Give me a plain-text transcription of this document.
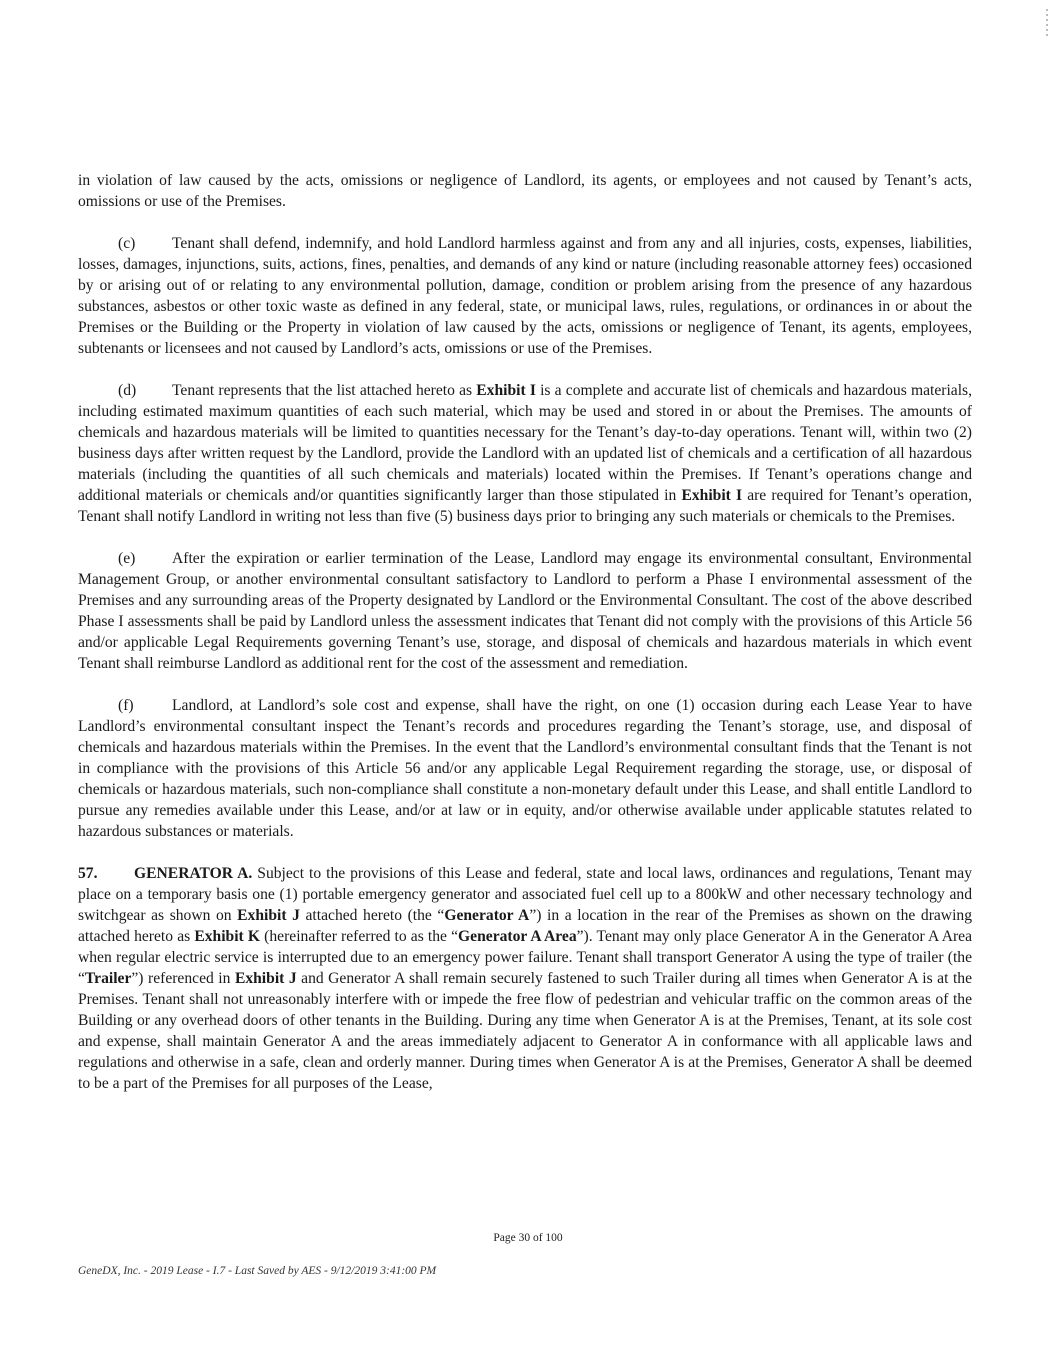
in violation of law caused by the acts, omissions or negligence of Landlord, its agents, or employees and not caused by Tenant’s acts, omissions or use of the Premises.

(c) Tenant shall defend, indemnify, and hold Landlord harmless against and from any and all injuries, costs, expenses, liabilities, losses, damages, injunctions, suits, actions, fines, penalties, and demands of any kind or nature (including reasonable attorney fees) occasioned by or arising out of or relating to any environmental pollution, damage, condition or problem arising from the presence of any hazardous substances, asbestos or other toxic waste as defined in any federal, state, or municipal laws, rules, regulations, or ordinances in or about the Premises or the Building or the Property in violation of law caused by the acts, omissions or negligence of Tenant, its agents, employees, subtenants or licensees and not caused by Landlord’s acts, omissions or use of the Premises.

(d) Tenant represents that the list attached hereto as Exhibit I is a complete and accurate list of chemicals and hazardous materials, including estimated maximum quantities of each such material, which may be used and stored in or about the Premises. The amounts of chemicals and hazardous materials will be limited to quantities necessary for the Tenant’s day-to-day operations. Tenant will, within two (2) business days after written request by the Landlord, provide the Landlord with an updated list of chemicals and a certification of all hazardous materials (including the quantities of all such chemicals and materials) located within the Premises. If Tenant’s operations change and additional materials or chemicals and/or quantities significantly larger than those stipulated in Exhibit I are required for Tenant’s operation, Tenant shall notify Landlord in writing not less than five (5) business days prior to bringing any such materials or chemicals to the Premises.

(e) After the expiration or earlier termination of the Lease, Landlord may engage its environmental consultant, Environmental Management Group, or another environmental consultant satisfactory to Landlord to perform a Phase I environmental assessment of the Premises and any surrounding areas of the Property designated by Landlord or the Environmental Consultant. The cost of the above described Phase I assessments shall be paid by Landlord unless the assessment indicates that Tenant did not comply with the provisions of this Article 56 and/or applicable Legal Requirements governing Tenant’s use, storage, and disposal of chemicals and hazardous materials in which event Tenant shall reimburse Landlord as additional rent for the cost of the assessment and remediation.

(f) Landlord, at Landlord’s sole cost and expense, shall have the right, on one (1) occasion during each Lease Year to have Landlord’s environmental consultant inspect the Tenant’s records and procedures regarding the Tenant’s storage, use, and disposal of chemicals and hazardous materials within the Premises. In the event that the Landlord’s environmental consultant finds that the Tenant is not in compliance with the provisions of this Article 56 and/or any applicable Legal Requirement regarding the storage, use, or disposal of chemicals or hazardous materials, such non-compliance shall constitute a non-monetary default under this Lease, and shall entitle Landlord to pursue any remedies available under this Lease, and/or at law or in equity, and/or otherwise available under applicable statutes related to hazardous substances or materials.

57. GENERATOR A. Subject to the provisions of this Lease and federal, state and local laws, ordinances and regulations, Tenant may place on a temporary basis one (1) portable emergency generator and associated fuel cell up to a 800kW and other necessary technology and switchgear as shown on Exhibit J attached hereto (the “Generator A”) in a location in the rear of the Premises as shown on the drawing attached hereto as Exhibit K (hereinafter referred to as the “Generator A Area”). Tenant may only place Generator A in the Generator A Area when regular electric service is interrupted due to an emergency power failure. Tenant shall transport Generator A using the type of trailer (the “Trailer”) referenced in Exhibit J and Generator A shall remain securely fastened to such Trailer during all times when Generator A is at the Premises. Tenant shall not unreasonably interfere with or impede the free flow of pedestrian and vehicular traffic on the common areas of the Building or any overhead doors of other tenants in the Building. During any time when Generator A is at the Premises, Tenant, at its sole cost and expense, shall maintain Generator A and the areas immediately adjacent to Generator A in conformance with all applicable laws and regulations and otherwise in a safe, clean and orderly manner. During times when Generator A is at the Premises, Generator A shall be deemed to be a part of the Premises for all purposes of the Lease,

Page 30 of 100
GeneDX, Inc. - 2019 Lease - I.7 - Last Saved by AES - 9/12/2019 3:41:00 PM
